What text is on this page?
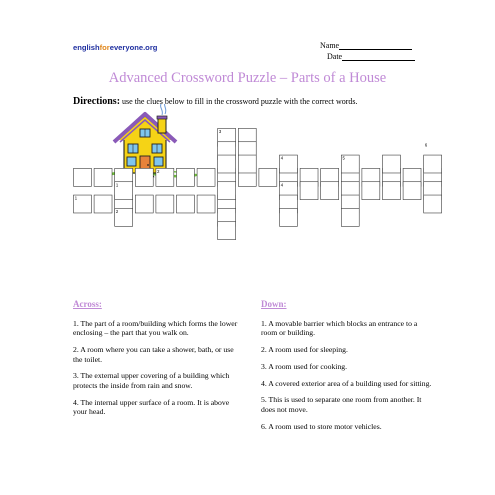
englishforeveryone.org	Name
Date
Advanced Crossword Puzzle – Parts of a House
Directions: use the clues below to fill in the crossword puzzle with the correct words.
1
1
2
3
2
4	5
4
6
Across:
1. The part of a room/building which forms the lower enclosing – the part that you walk on.
2. A room where you can take a shower, bath, or use the toilet.
3. The external upper covering of a building which protects the inside from rain and snow.
4. The internal upper surface of a room. It is above your head.
Down:
1. A movable barrier which blocks an entrance to a room or building.
2. A room used for sleeping.
3. A room used for cooking.
4. A covered exterior area of a building used for sitting.
5. This is used to separate one room from another. It does not move.
6. A room used to store motor vehicles.
